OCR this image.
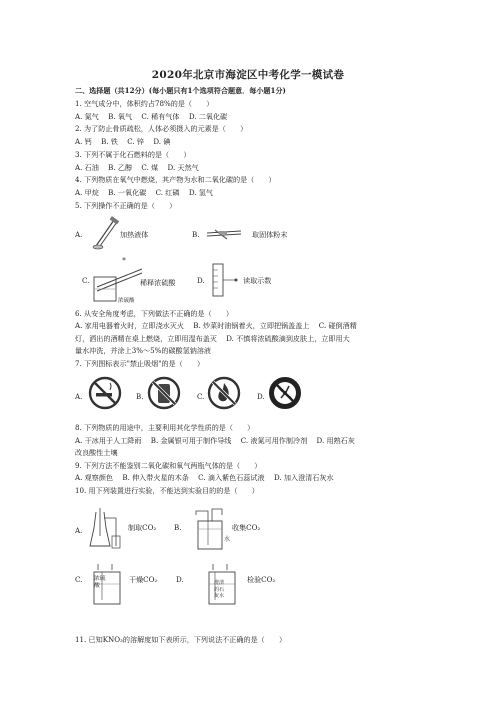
2020年北京市海淀区中考化学一模试卷
二、选择题（共12分）(每小题只有1个选项符合题意．每小题1分)
1. 空气成分中，体积约占78%的是（　　）
A. 氮气　 B. 氧气　 C. 稀有气体　 D. 二氧化碳
2. 为了防止骨质疏松，人体必须摄入的元素是（　　）
A. 钙　 B. 铁　 C. 锌　 D. 碘
3. 下列不属于化石燃料的是（　　）
A. 石油　 B. 乙醇　 C. 煤　 D. 天然气
4. 下列物质在氧气中燃烧，其产物为水和二氧化碳的是（　　）
A. 甲烷　 B. 一氧化碳　 C. 红磷　 D. 氢气
5. 下列操作不正确的是（　　）
A.	加热液体	B.	取固体粉末
*
C.	稀释浓硫酸
浓硫酸
D.	读取示数
6. 从安全角度考虑，下列做法不正确的是（　　）
A. 家用电器着火时，立即浇水灭火　 B. 炒菜时油锅着火，立即把锅盖盖上　 C. 碰倒酒精
灯，洒出的酒精在桌上燃烧，立即用湿布盖灭　 D. 不慎将浓硫酸滴到皮肤上，立即用大
量水冲洗，并涂上3%～5%的碳酸氢钠溶液
7. 下列图标表示"禁止吸烟"的是（　　）
A.	B.	C.	D.
8. 下列物质的用途中，主要利用其化学性质的是（　　）
A. 干冰用于人工降雨　 B. 金属银可用于制作导线　 C. 液氮可用作制冷剂　 D. 用熟石灰
改良酸性土壤
9. 下列方法不能鉴别二氧化碳和氧气两瓶气体的是（　　）
A. 观察颜色　 B. 伸入带火星的木条　 C. 滴入紫色石蕊试液　 D. 加入澄清石灰水
10. 用下列装置进行实验，不能达到实验目的的是（　　）
A.	制取CO₂ B.	收集CO₂
水
C. 浓硫酸
干燥CO₂	D.	澄清的石灰水
检验CO₂
11. 已知KNO₃的溶解度如下表所示，下列说法不正确的是（　　）
